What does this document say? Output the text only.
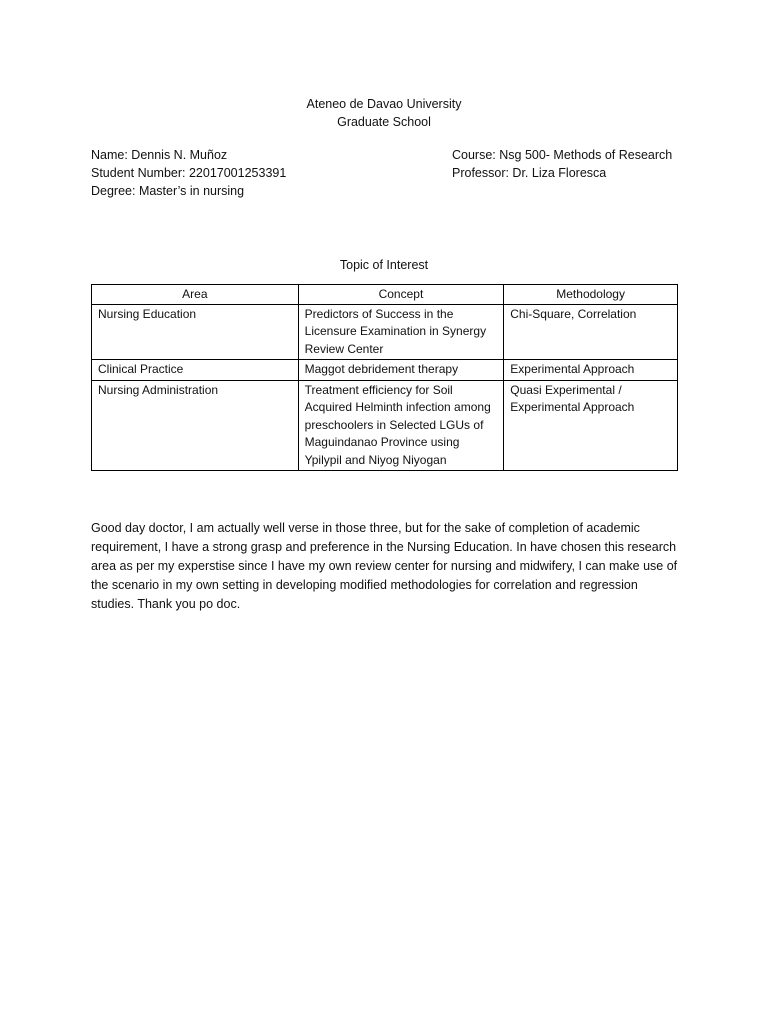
Ateneo de Davao University
Graduate School
Name: Dennis N. Muñoz
Student Number: 22017001253391
Degree: Master’s in nursing
Course: Nsg 500- Methods of Research
Professor: Dr. Liza Floresca
Topic of Interest
Area	Concept	Methodology
Nursing Education	Predictors of Success in the Licensure Examination in Synergy Review Center	Chi-Square, Correlation
Clinical Practice	Maggot debridement therapy	Experimental Approach
Nursing Administration	Treatment efficiency for Soil Acquired Helminth infection among preschoolers in Selected LGUs of Maguindanao Province using Ypilypil and Niyog Niyogan	Quasi Experimental / Experimental Approach
Good day doctor, I am actually well verse in those three, but for the sake of completion of academic requirement, I have a strong grasp and preference in the Nursing Education. In have chosen this research area as per my experstise since I have my own review center for nursing and midwifery, I can make use of the scenario in my own setting in developing modified methodologies for correlation and regression studies. Thank you po doc.
